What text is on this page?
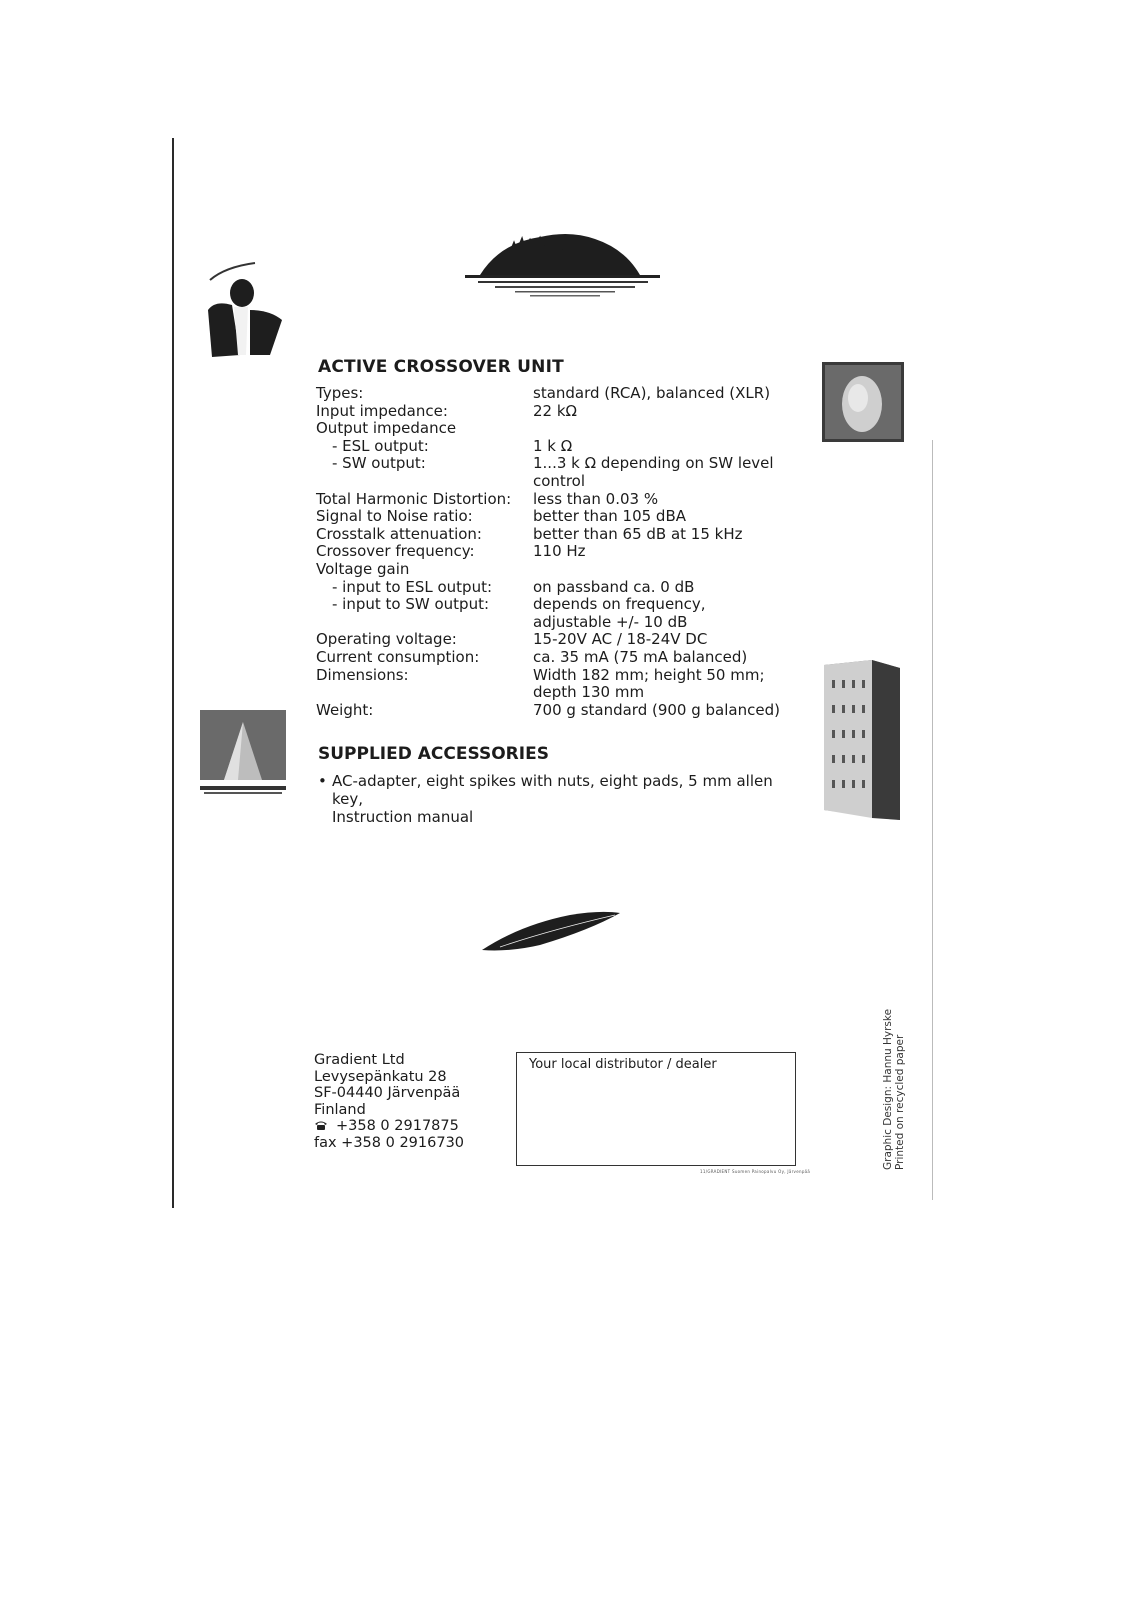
ACTIVE CROSSOVER UNIT
Types:	standard (RCA), balanced (XLR)
Input impedance:	22 kΩ
Output impedance
- ESL output:	1 k Ω
- SW output:	1...3 k Ω depending on SW level
control
Total Harmonic Distortion: less than 0.03 %
Signal to Noise ratio:	better than 105 dBA
Crosstalk attenuation:	better than 65 dB at 15 kHz
Crossover frequency:	110 Hz
Voltage gain
- input to ESL output:	on passband ca. 0 dB
- input to SW output:	depends on frequency,
adjustable +/- 10 dB
Operating voltage:	15-20V AC / 18-24V DC
Current consumption:	ca. 35 mA (75 mA balanced)
Dimensions:	Width 182 mm; height 50 mm;
depth 130 mm
Weight:	700 g standard (900 g balanced)
SUPPLIED ACCESSORIES
• AC-adapter, eight spikes with nuts, eight pads, 5 mm allen key,
Instruction manual
Gradient Ltd
Levysepänkatu 28
SF-04440 Järvenpää
Finland
+358 0 2917875
fax +358 0 2916730
Your local distributor / dealer
11/GRADIENT Suomen Painopalvu Oy, Järvenpää
Graphic Design: Hannu Hyrske Printed on recycled paper
